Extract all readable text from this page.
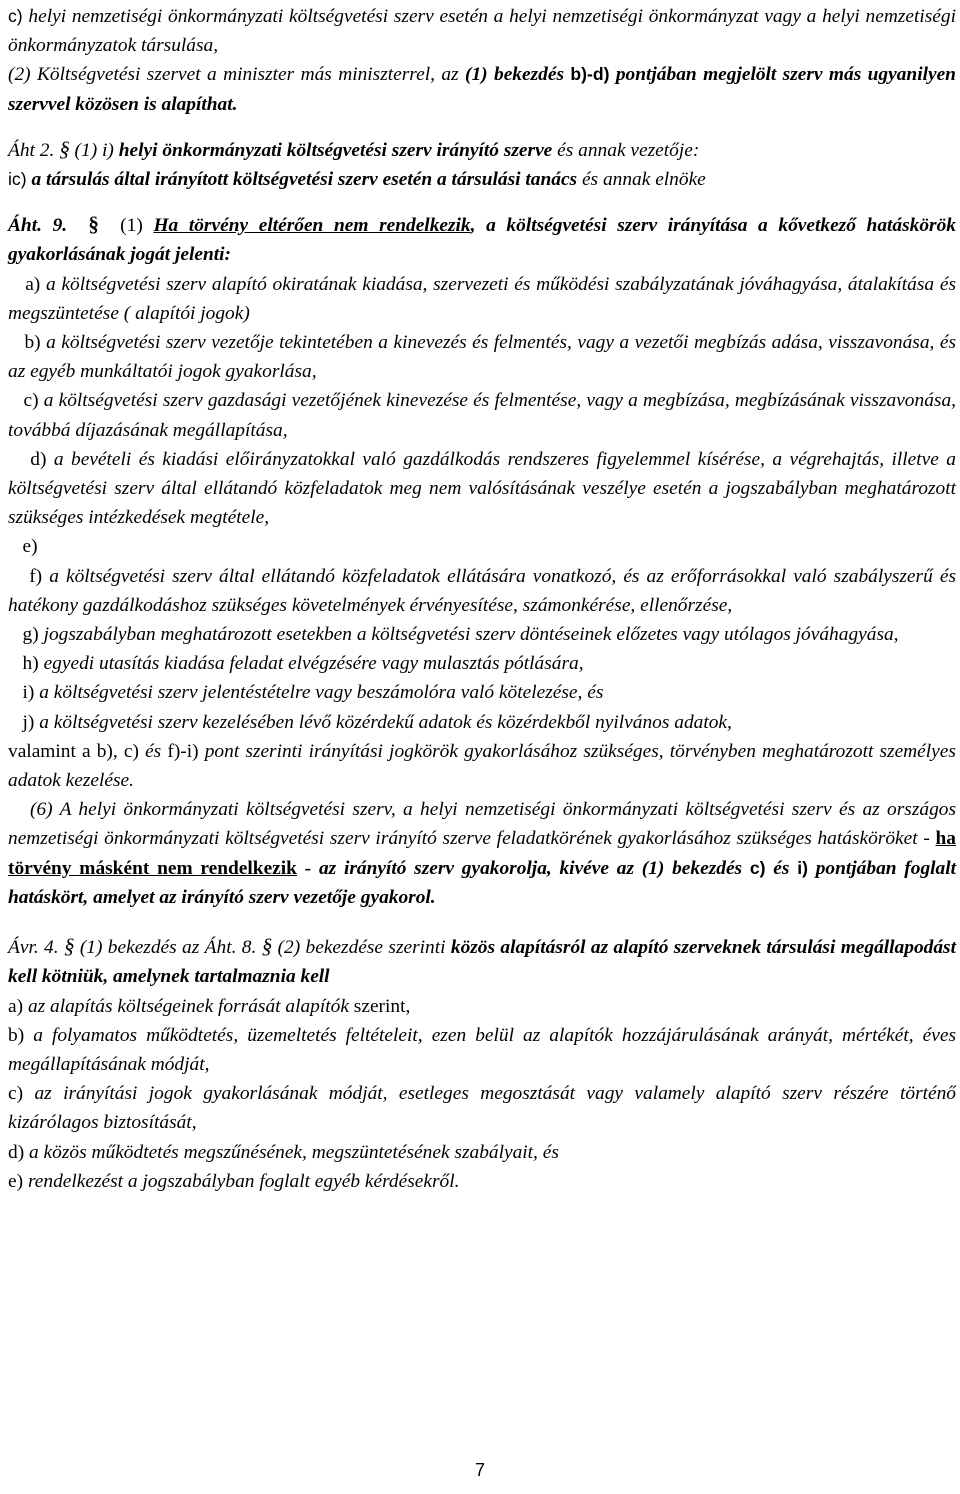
c) helyi nemzetiségi önkormányzati költségvetési szerv esetén a helyi nemzetiségi önkormányzat vagy a helyi nemzetiségi önkormányzatok társulása,

(2) Költségvetési szervet a miniszter más miniszterrel, az (1) bekezdés b)-d) pontjában megjelölt szerv más ugyanilyen szervvel közösen is alapíthat.

Áht 2. § (1) i) helyi önkormányzati költségvetési szerv irányító szerve és annak vezetője:

ic) a társulás által irányított költségvetési szerv esetén a társulási tanács és annak elnöke

Áht. 9. § (1) Ha törvény eltérően nem rendelkezik, a költségvetési szerv irányítása a kővetkező hatáskörök gyakorlásának jogát jelenti:

a) a költségvetési szerv alapító okiratának kiadása, szervezeti és működési szabályzatának jóváhagyása, átalakítása és megszüntetése ( alapítói jogok)

b) a költségvetési szerv vezetője tekintetében a kinevezés és felmentés, vagy a vezetői megbízás adása, visszavonása, és az egyéb munkáltatói jogok gyakorlása,

c) a költségvetési szerv gazdasági vezetőjének kinevezése és felmentése, vagy a megbízása, megbízásának visszavonása, továbbá díjazásának megállapítása,

d) a bevételi és kiadási előirányzatokkal való gazdálkodás rendszeres figyelemmel kísérése, a végrehajtás, illetve a költségvetési szerv által ellátandó közfeladatok meg nem valósításának veszélye esetén a jogszabályban meghatározott szükséges intézkedések megtétele,

e)

f) a költségvetési szerv által ellátandó közfeladatok ellátására vonatkozó, és az erőforrásokkal való szabályszerű és hatékony gazdálkodáshoz szükséges követelmények érvényesítése, számonkérése, ellenőrzése,

g) jogszabályban meghatározott esetekben a költségvetési szerv döntéseinek előzetes vagy utólagos jóváhagyása,

h) egyedi utasítás kiadása feladat elvégzésére vagy mulasztás pótlására,

i) a költségvetési szerv jelentéstételre vagy beszámolóra való kötelezése, és

j) a költségvetési szerv kezelésében lévő közérdekű adatok és közérdekből nyilvános adatok,

valamint a b), c) és f)-i) pont szerinti irányítási jogkörök gyakorlásához szükséges, törvényben meghatározott személyes adatok kezelése.

(6) A helyi önkormányzati költségvetési szerv, a helyi nemzetiségi önkormányzati költségvetési szerv és az országos nemzetiségi önkormányzati költségvetési szerv irányító szerve feladatkörének gyakorlásához szükséges hatásköröket - ha törvény másként nem rendelkezik - az irányító szerv gyakorolja, kivéve az (1) bekezdés c) és i) pontjában foglalt hatáskört, amelyet az irányító szerv vezetője gyakorol.

Ávr. 4. § (1) bekezdés az Áht. 8. § (2) bekezdése szerinti közös alapításról az alapító szerveknek társulási megállapodást kell kötniük, amelynek tartalmaznia kell

a) az alapítás költségeinek forrását alapítók szerint,

b) a folyamatos működtetés, üzemeltetés feltételeit, ezen belül az alapítók hozzájárulásának arányát, mértékét, éves megállapításának módját,

c) az irányítási jogok gyakorlásának módját, esetleges megosztását vagy valamely alapító szerv részére történő kizárólagos biztosítását,

d) a közös működtetés megszűnésének, megszüntetésének szabályait, és

e) rendelkezést a jogszabályban foglalt egyéb kérdésekről.

7
